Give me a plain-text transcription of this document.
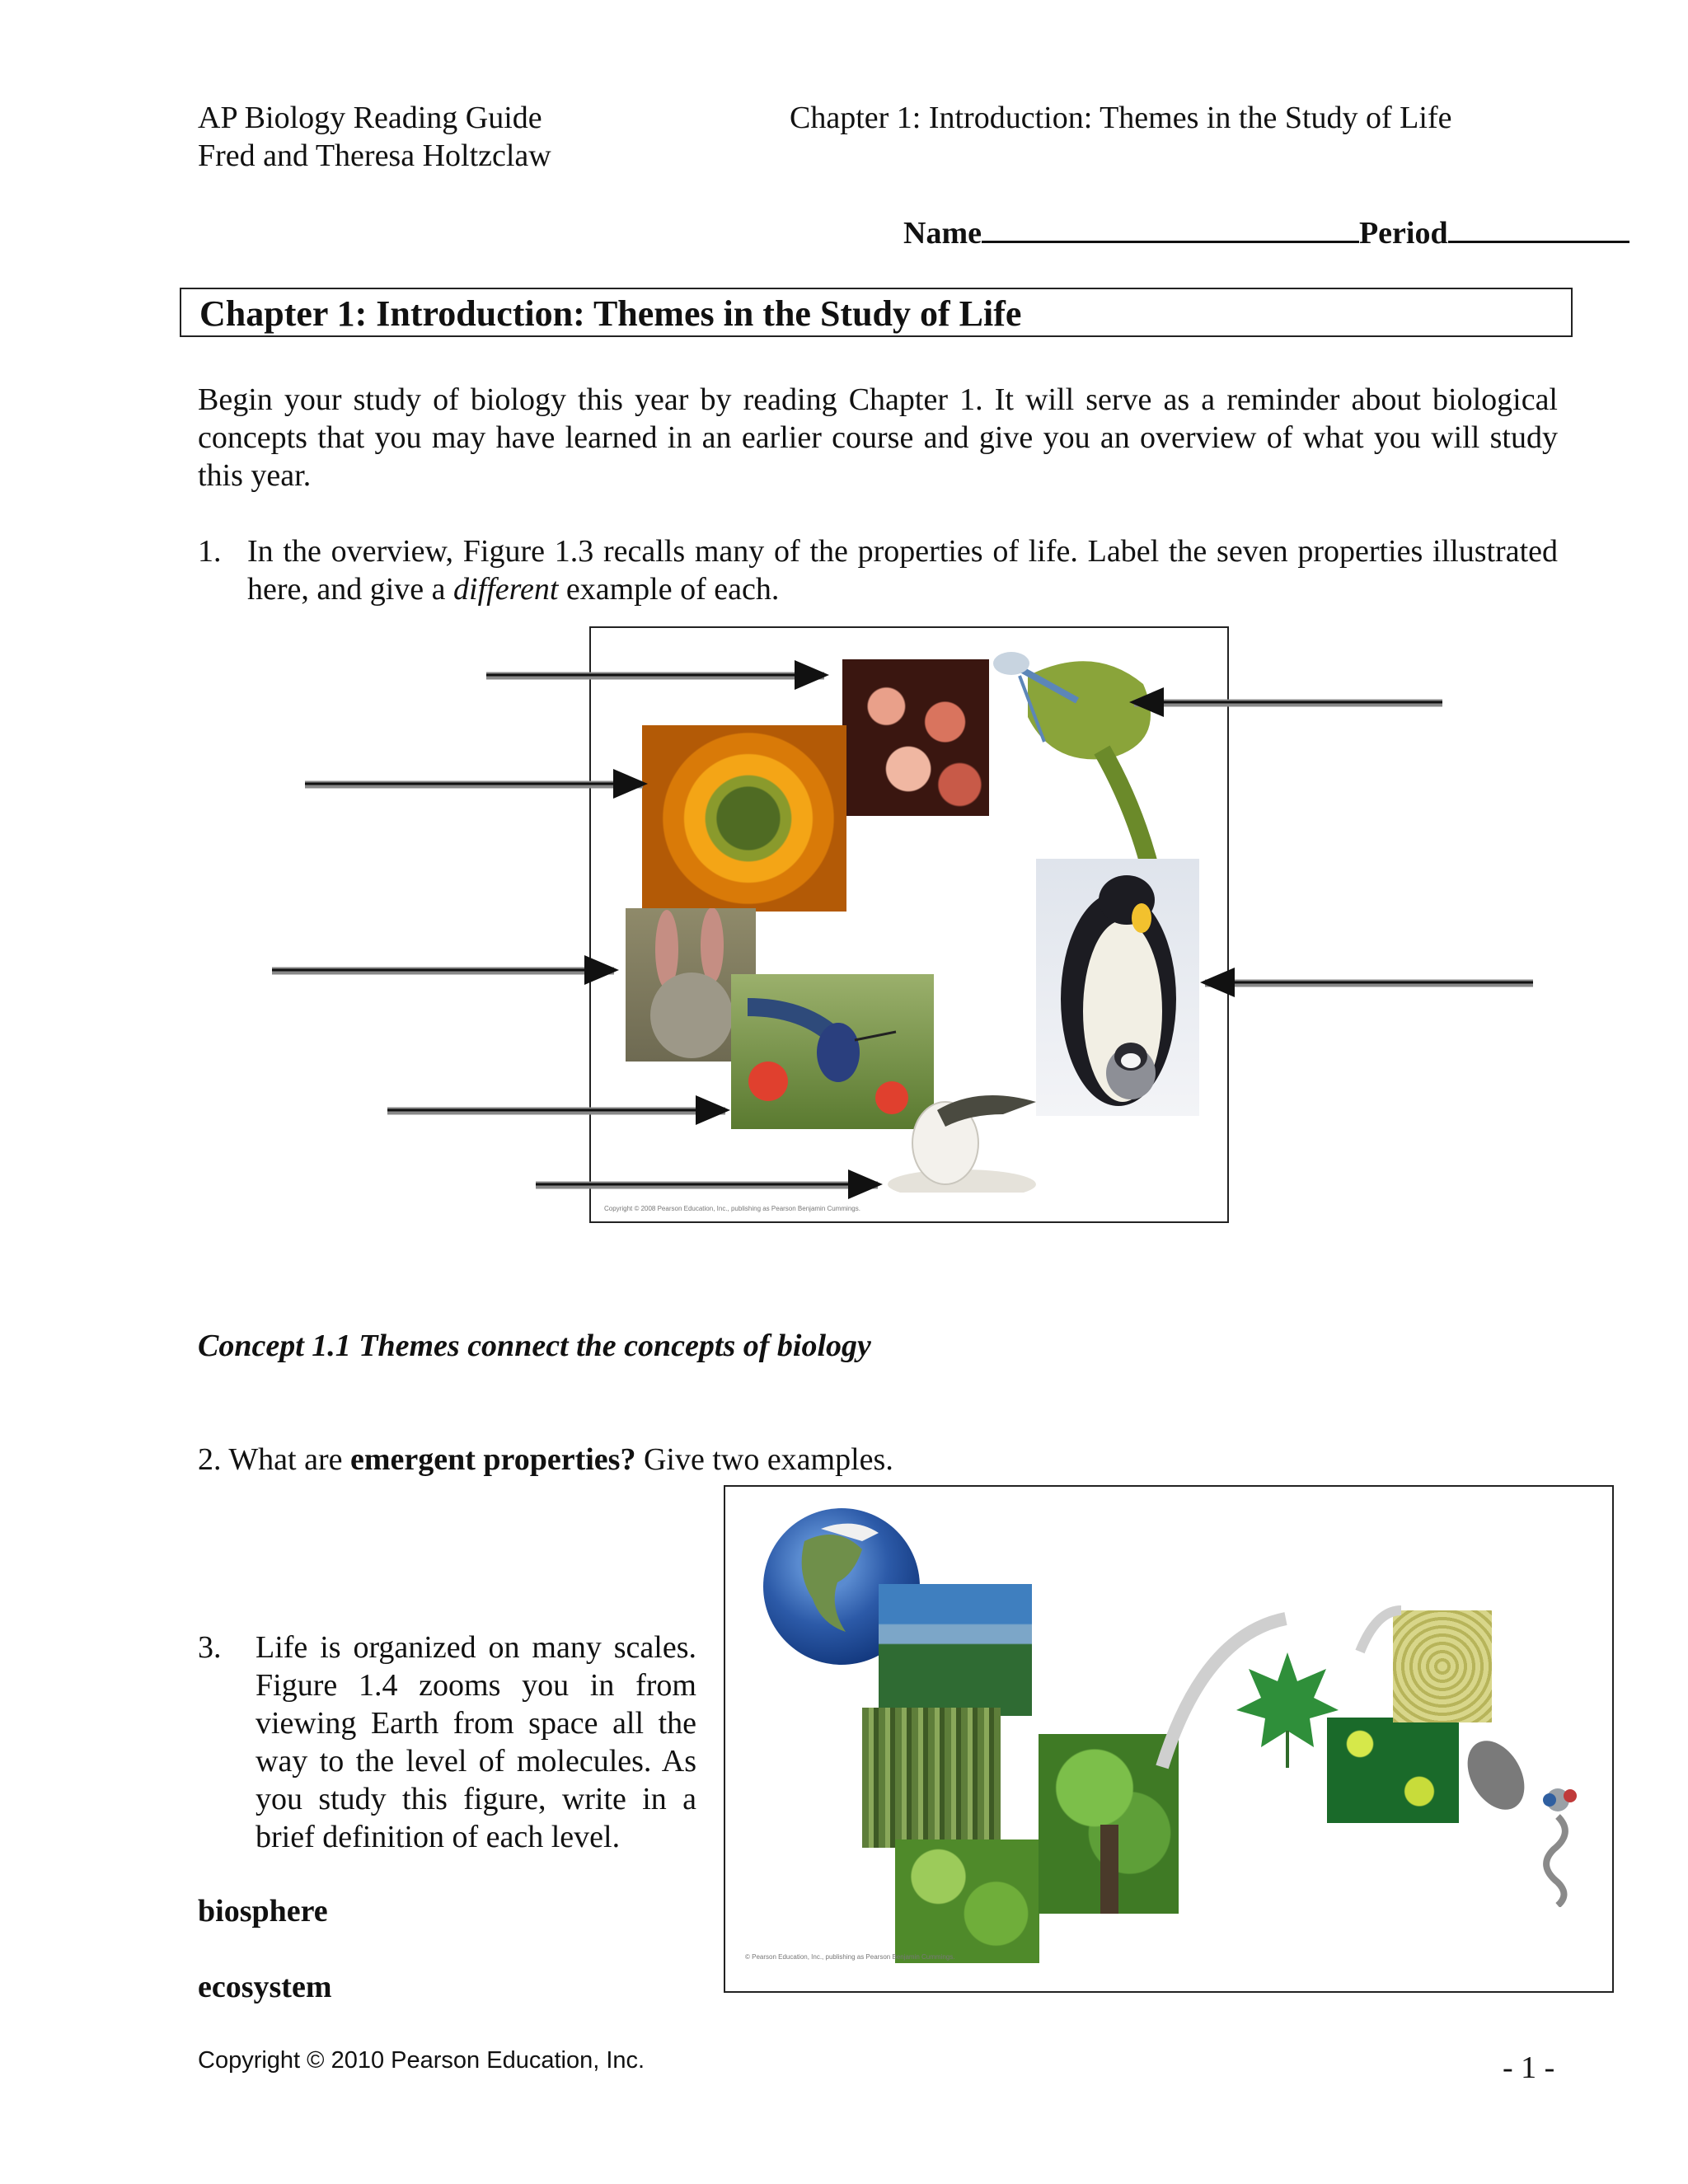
AP Biology Reading Guide
Fred and Theresa Holtzclaw
Chapter 1: Introduction: Themes in the Study of Life
Name	Period
Chapter 1: Introduction: Themes in the Study of Life
Begin your study of biology this year by reading Chapter 1. It will serve as a reminder about biological concepts that you may have learned in an earlier course and give you an overview of what you will study this year.
1. In the overview, Figure 1.3 recalls many of the properties of life. Label the seven properties illustrated here, and give a different example of each.
Copyright © 2008 Pearson Education, Inc., publishing as Pearson Benjamin Cummings.
Concept 1.1 Themes connect the concepts of biology
2. What are emergent properties? Give two examples.
© Pearson Education, Inc., publishing as Pearson Benjamin Cummings.
3. Life is organized on many scales. Figure 1.4 zooms you in from viewing Earth from space all the way to the level of molecules. As you study this figure, write in a brief definition of each level.
biosphere
ecosystem
Copyright © 2010 Pearson Education, Inc.	- 1 -
